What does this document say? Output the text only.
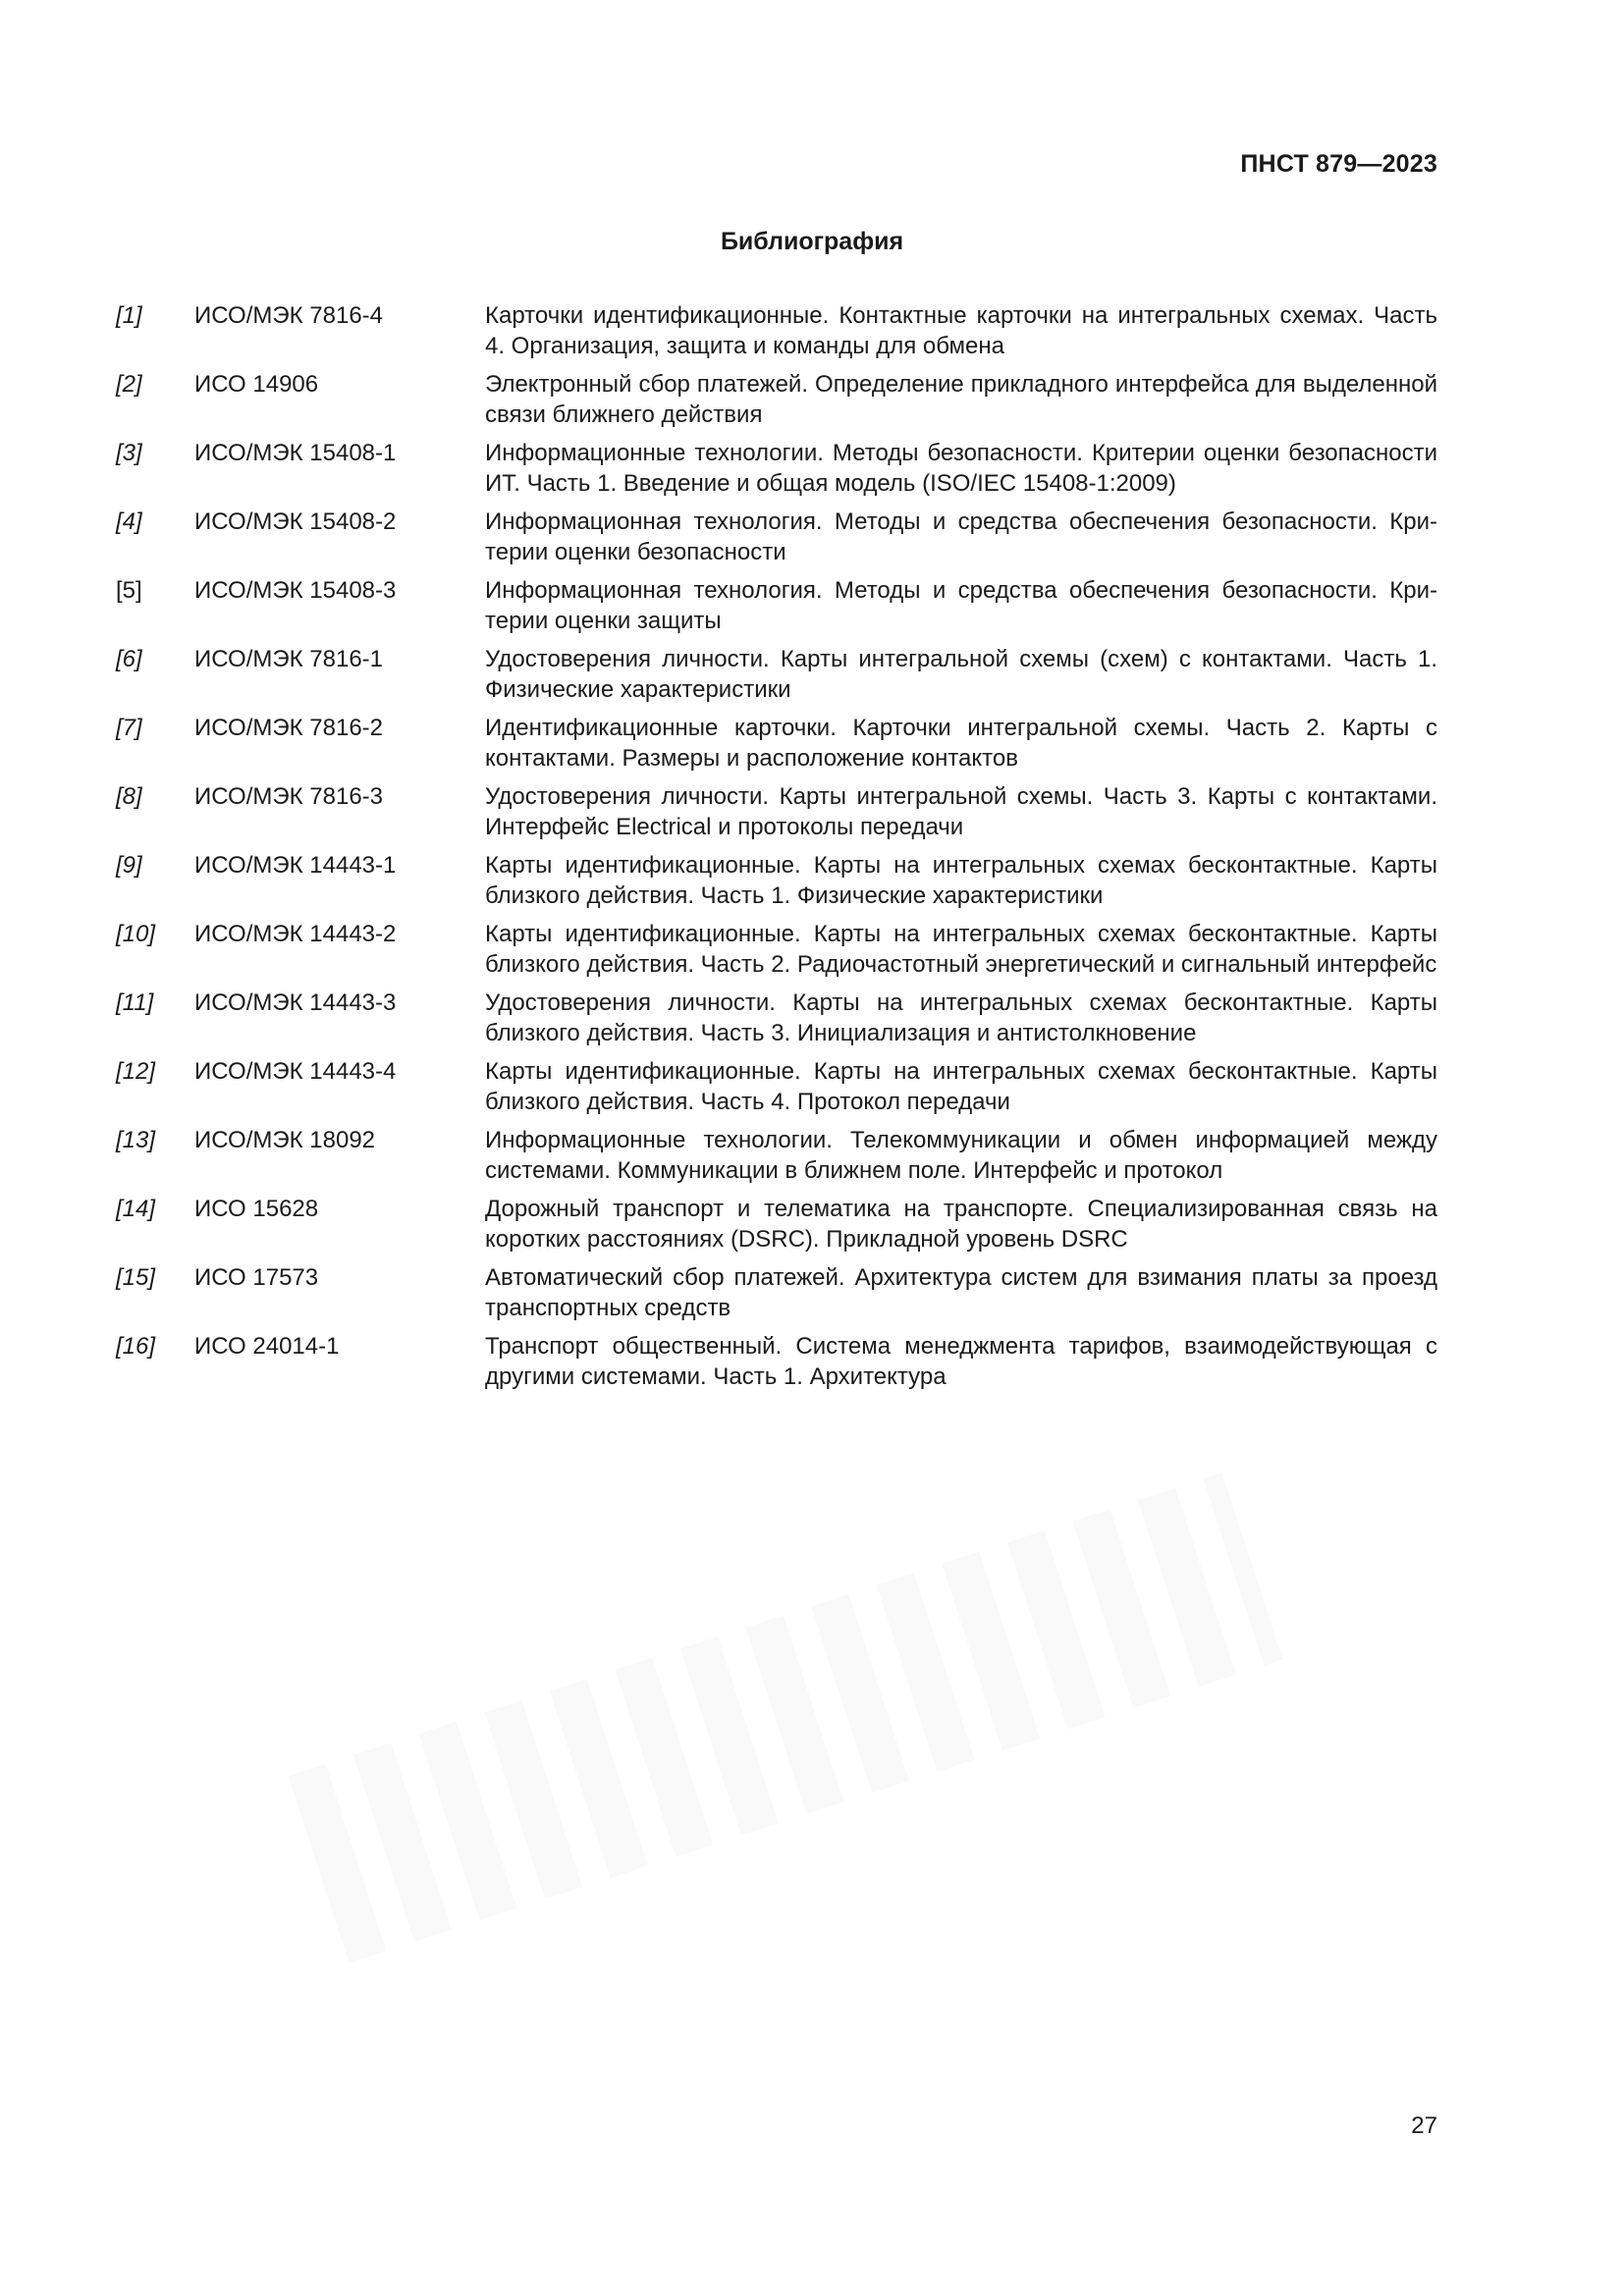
ПНСТ 879—2023
Библиография
[1]	ИСО/МЭК 7816-4	Карточки идентификационные. Контактные карточки на интегральных схемах. Часть 4. Организация, защита и команды для обмена
[2]	ИСО 14906	Электронный сбор платежей. Определение прикладного интерфейса для выделенной связи ближнего действия
[3]	ИСО/МЭК 15408-1	Информационные технологии. Методы безопасности. Критерии оценки безопасности ИТ. Часть 1. Введение и общая модель (ISO/IEC 15408-1:2009)
[4]	ИСО/МЭК 15408-2	Информационная технология. Методы и средства обеспечения безопасности. Критерии оценки безопасности
[5]	ИСО/МЭК 15408-3	Информационная технология. Методы и средства обеспечения безопасности. Критерии оценки защиты
[6]	ИСО/МЭК 7816-1	Удостоверения личности. Карты интегральной схемы (схем) с контактами. Часть 1. Физические характеристики
[7]	ИСО/МЭК 7816-2	Идентификационные карточки. Карточки интегральной схемы. Часть 2. Карты с контактами. Размеры и расположение контактов
[8]	ИСО/МЭК 7816-3	Удостоверения личности. Карты интегральной схемы. Часть 3. Карты с контактами. Интерфейс Electrical и протоколы передачи
[9]	ИСО/МЭК 14443-1	Карты идентификационные. Карты на интегральных схемах бесконтактные. Карты близкого действия. Часть 1. Физические характеристики
[10]	ИСО/МЭК 14443-2	Карты идентификационные. Карты на интегральных схемах бесконтактные. Карты близкого действия. Часть 2. Радиочастотный энергетический и сигнальный интерфейс
[11]	ИСО/МЭК 14443-3	Удостоверения личности. Карты на интегральных схемах бесконтактные. Карты близкого действия. Часть 3. Инициализация и антистолкновение
[12]	ИСО/МЭК 14443-4	Карты идентификационные. Карты на интегральных схемах бесконтактные. Карты близкого действия. Часть 4. Протокол передачи
[13]	ИСО/МЭК 18092	Информационные технологии. Телекоммуникации и обмен информацией между системами. Коммуникации в ближнем поле. Интерфейс и протокол
[14]	ИСО 15628	Дорожный транспорт и телематика на транспорте. Специализированная связь на коротких расстояниях (DSRC). Прикладной уровень DSRC
[15]	ИСО 17573	Автоматический сбор платежей. Архитектура систем для взимания платы за проезд транспортных средств
[16]	ИСО 24014-1	Транспорт общественный. Система менеджмента тарифов, взаимодействующая с другими системами. Часть 1. Архитектура
27
